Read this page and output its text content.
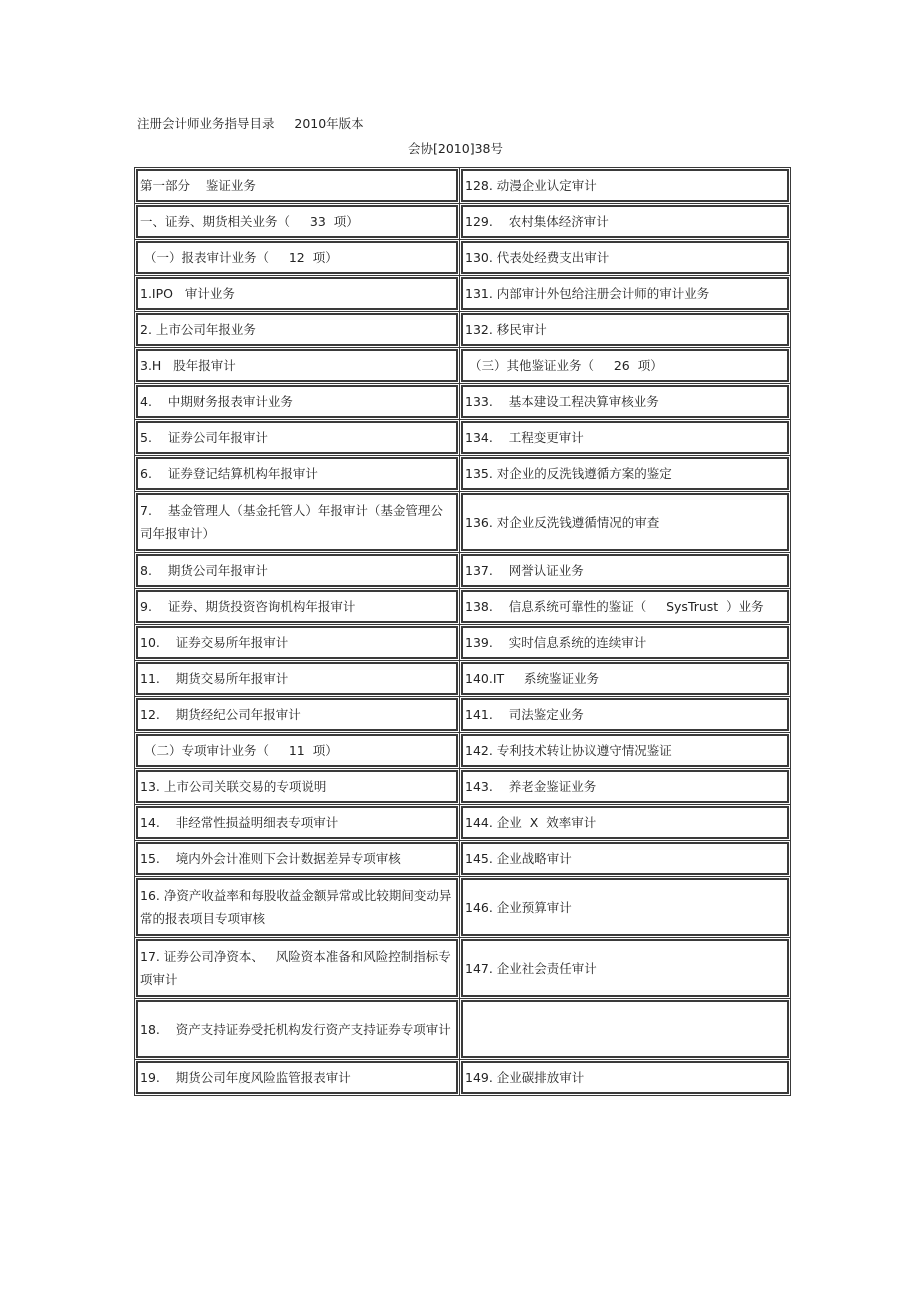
注册会计师业务指导目录     2010年版本
会协[2010]38号
第一部分    鉴证业务	128. 动漫企业认定审计
一、证券、期货相关业务（     33  项）	129.    农村集体经济审计
（一）报表审计业务（     12  项）	130. 代表处经费支出审计
1.IPO   审计业务	131. 内部审计外包给注册会计师的审计业务
2. 上市公司年报业务	132. 移民审计
3.H   股年报审计	（三）其他鉴证业务（     26  项）
4.    中期财务报表审计业务	133.    基本建设工程决算审核业务
5.    证券公司年报审计	134.    工程变更审计
6.    证券登记结算机构年报审计	135. 对企业的反洗钱遵循方案的鉴定
7.    基金管理人（基金托管人）年报审计（基金管理公司年报审计）	136. 对企业反洗钱遵循情况的审查
8.    期货公司年报审计	137.    网誉认证业务
9.    证券、期货投资咨询机构年报审计	138.    信息系统可靠性的鉴证（     SysTrust  ）业务
10.    证券交易所年报审计	139.    实时信息系统的连续审计
11.    期货交易所年报审计	140.IT     系统鉴证业务
12.    期货经纪公司年报审计	141.    司法鉴定业务
（二）专项审计业务（     11  项）	142. 专利技术转让协议遵守情况鉴证
13. 上市公司关联交易的专项说明	143.    养老金鉴证业务
14.    非经常性损益明细表专项审计	144. 企业  X  效率审计
15.    境内外会计准则下会计数据差异专项审核	145. 企业战略审计
16. 净资产收益率和每股收益金额异常或比较期间变动异常的报表项目专项审核	146. 企业预算审计
17. 证券公司净资本、   风险资本准备和风险控制指标专项审计	147. 企业社会责任审计
18.    资产支持证券受托机构发行资产支持证券专项审计	
19.    期货公司年度风险监管报表审计	149. 企业碳排放审计
